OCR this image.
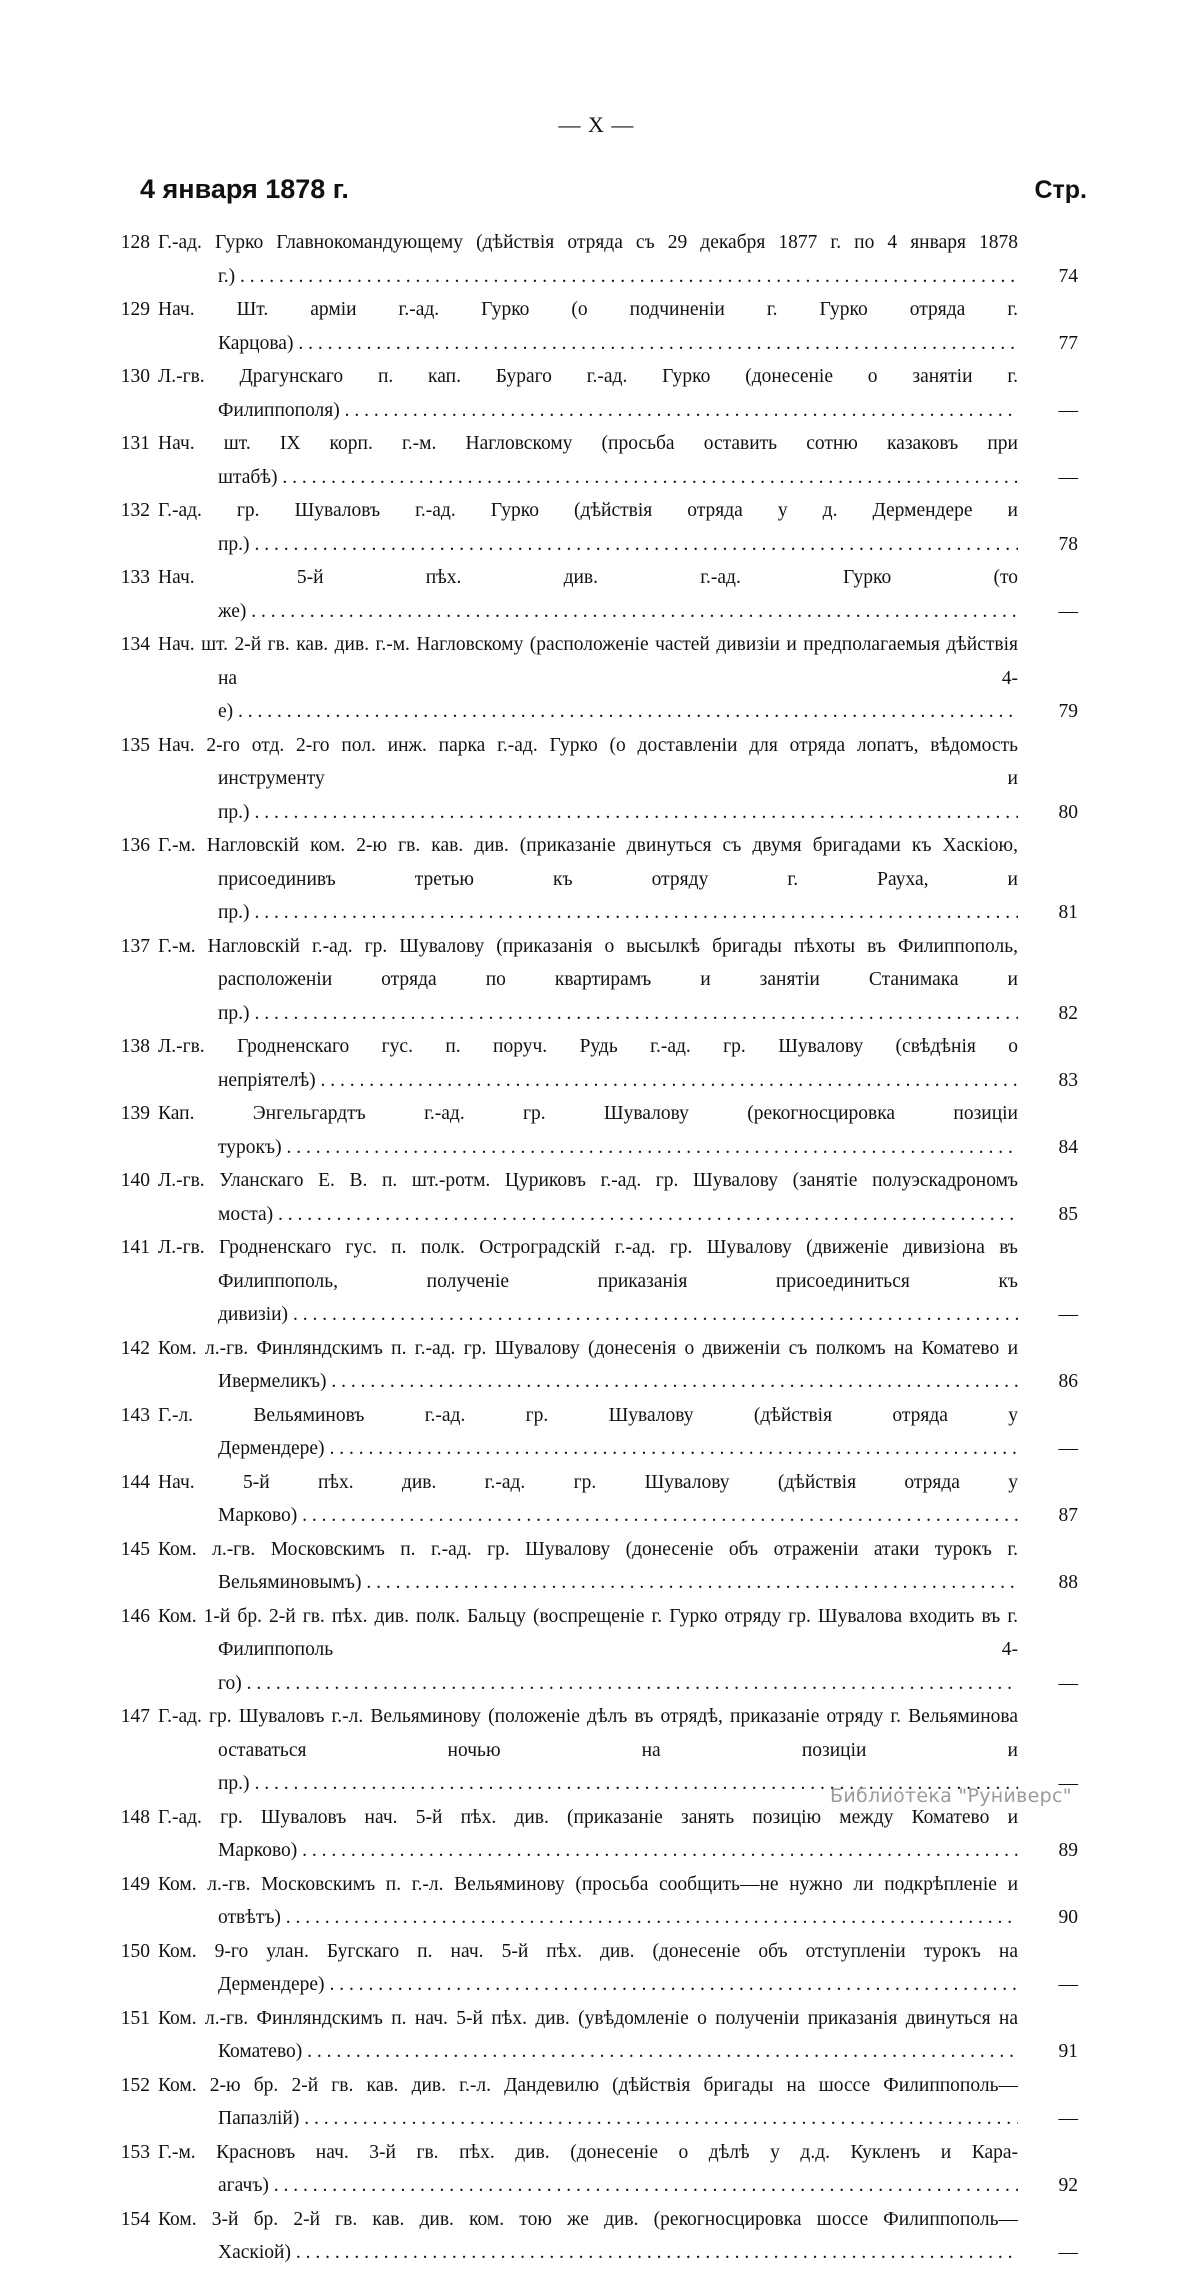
— X —
4 января 1878 г.	Стр.
128 Г.-ад. Гурко Главнокомандующему (дѣйствія отряда съ 29 декабря 1877 г. по 4 января 1878 г.) . . .	74
129 Нач. Шт. арміи г.-ад. Гурко (о подчиненіи г. Гурко отряда г. Карцова) . . .	77
130 Л.-гв. Драгунскаго п. кап. Бураго г.-ад. Гурко (донесеніе о занятіи г. Филиппополя) . . .	—
131 Нач. шт. IX корп. г.-м. Нагловскому (просьба оставить сотню казаковъ при штабѣ) . . .	—
132 Г.-ад. гр. Шуваловъ г.-ад. Гурко (дѣйствія отряда у д. Дермендере и пр.) . . .	78
133 Нач. 5-й пѣх. див. г.-ад. Гурко (то же) . . .	—
134 Нач. шт. 2-й гв. кав. див. г.-м. Нагловскому (расположеніе частей дивизіи и предполагаемыя дѣйствія на 4-е) . . .	79
135 Нач. 2-го отд. 2-го пол. инж. парка г.-ад. Гурко (о доставленіи для отряда лопатъ, вѣдомость инструменту и пр.) . . .	80
136 Г.-м. Нагловскій ком. 2-ю гв. кав. див. (приказаніе двинуться съ двумя бригадами къ Хаскіою, присоединивъ третью къ отряду г. Рауха, и пр.) . . .	81
137 Г.-м. Нагловскій г.-ад. гр. Шувалову (приказанія о высылкѣ бригады пѣхоты въ Филиппополь, расположеніи отряда по квартирамъ и занятіи Станимака и пр.) . . .	82
138 Л.-гв. Гродненскаго гус. п. поруч. Рудь г.-ад. гр. Шувалову (свѣдѣнія о непріятелѣ) . . .	83
139 Кап. Энгельгардтъ г.-ад. гр. Шувалову (рекогносцировка позиціи турокъ) . . .	84
140 Л.-гв. Уланскаго Е. В. п. шт.-ротм. Цуриковъ г.-ад. гр. Шувалову (занятіе полуэскадрономъ моста) . . .	85
141 Л.-гв. Гродненскаго гус. п. полк. Остроградскій г.-ад. гр. Шувалову (движеніе дивизіона въ Филиппополь, полученіе приказанія присоединиться къ дивизіи) . . .	—
142 Ком. л.-гв. Финляндскимъ п. г.-ад. гр. Шувалову (донесенія о движеніи съ полкомъ на Коматево и Ивермеликъ) . . .	86
143 Г.-л. Вельяминовъ г.-ад. гр. Шувалову (дѣйствія отряда у Дермендере) . . .	—
144 Нач. 5-й пѣх. див. г.-ад. гр. Шувалову (дѣйствія отряда у Марково) . . .	87
145 Ком. л.-гв. Московскимъ п. г.-ад. гр. Шувалову (донесеніе объ отраженіи атаки турокъ г. Вельяминовымъ) . . .	88
146 Ком. 1-й бр. 2-й гв. пѣх. див. полк. Бальцу (воспрещеніе г. Гурко отряду гр. Шувалова входить въ г. Филиппополь 4-го) . . .	—
147 Г.-ад. гр. Шуваловъ г.-л. Вельяминову (положеніе дѣлъ въ отрядѣ, приказаніе отряду г. Вельяминова оставаться ночью на позиціи и пр.) . . .	—
148 Г.-ад. гр. Шуваловъ нач. 5-й пѣх. див. (приказаніе занять позицію между Коматево и Марково) . . .	89
149 Ком. л.-гв. Московскимъ п. г.-л. Вельяминову (просьба сообщить—не нужно ли подкрѣпленіе и отвѣтъ) . . .	90
150 Ком. 9-го улан. Бугскаго п. нач. 5-й пѣх. див. (донесеніе объ отступленіи турокъ на Дермендере) . . .	—
151 Ком. л.-гв. Финляндскимъ п. нач. 5-й пѣх. див. (увѣдомленіе о полученіи приказанія двинуться на Коматево) . . .	91
152 Ком. 2-ю бр. 2-й гв. кав. див. г.-л. Дандевилю (дѣйствія бригады на шоссе Филиппополь—Папазлій) . . .	—
153 Г.-м. Красновъ нач. 3-й гв. пѣх. див. (донесеніе о дѣлѣ у д.д. Кукленъ и Кара-агачъ) . . .	92
154 Ком. 3-й бр. 2-й гв. кав. див. ком. тою же див. (рекогносцировка шоссе Филиппополь—Хаскіой) . . .	—
Библиотека "Руниверс"
